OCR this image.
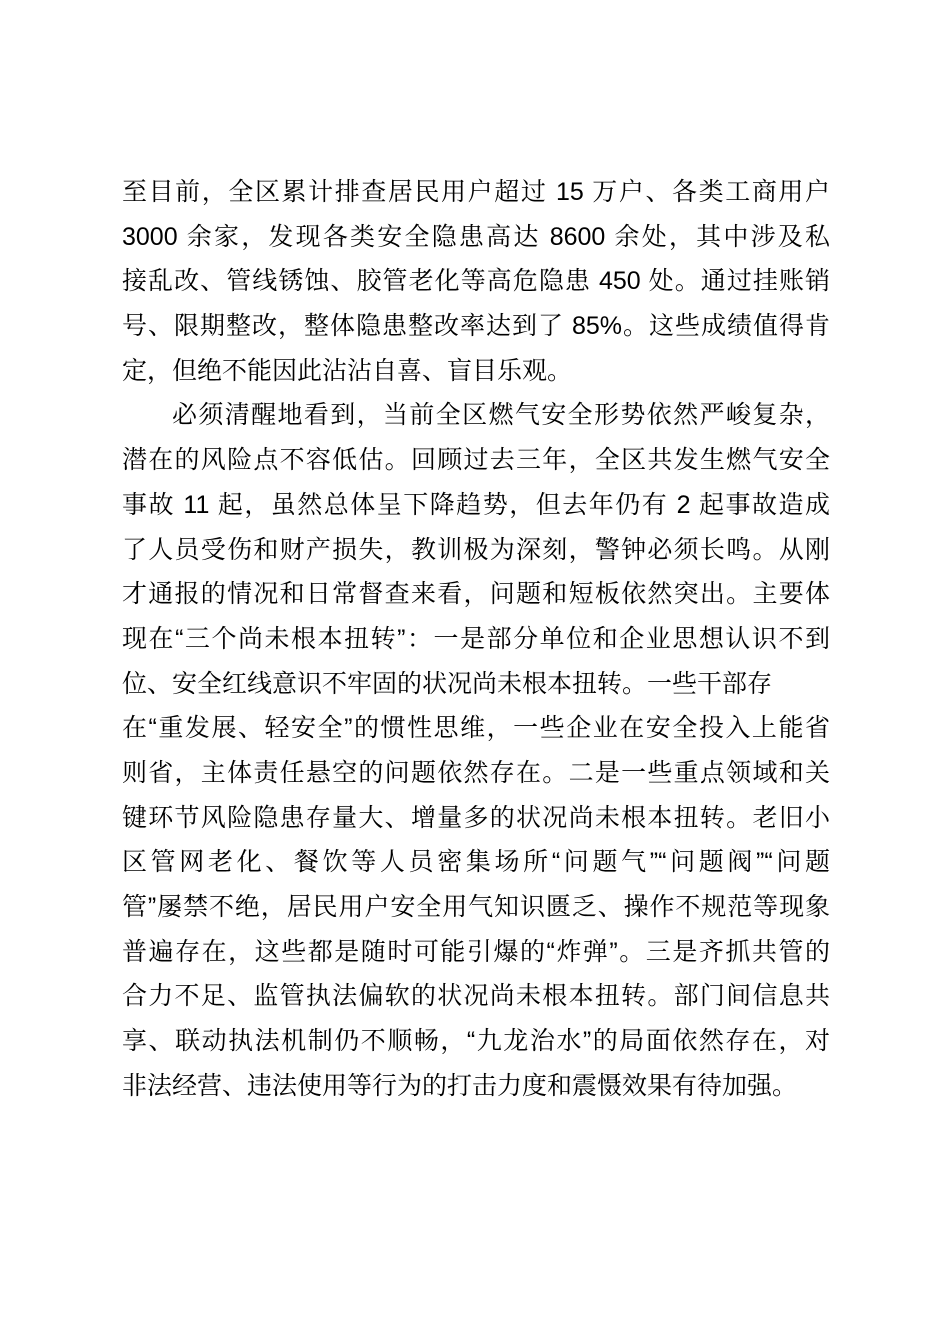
至目前，全区累计排查居民用户超过 15 万户、各类工商用户
3000 余家，发现各类安全隐患高达 8600 余处，其中涉及私
接乱改、管线锈蚀、胶管老化等高危隐患 450 处。通过挂账销
号、限期整改，整体隐患整改率达到了 85%。这些成绩值得肯
定，但绝不能因此沾沾自喜、盲目乐观。
必须清醒地看到，当前全区燃气安全形势依然严峻复杂，
潜在的风险点不容低估。回顾过去三年，全区共发生燃气安全
事故 11 起，虽然总体呈下降趋势，但去年仍有 2 起事故造成
了人员受伤和财产损失，教训极为深刻，警钟必须长鸣。从刚
才通报的情况和日常督查来看，问题和短板依然突出。主要体
现在“三个尚未根本扭转”：一是部分单位和企业思想认识不到
位、安全红线意识不牢固的状况尚未根本扭转。一些干部存
在“重发展、轻安全”的惯性思维，一些企业在安全投入上能省
则省，主体责任悬空的问题依然存在。二是一些重点领域和关
键环节风险隐患存量大、增量多的状况尚未根本扭转。老旧小
区管网老化、餐饮等人员密集场所“问题气”“问题阀”“问题
管”屡禁不绝，居民用户安全用气知识匮乏、操作不规范等现象
普遍存在，这些都是随时可能引爆的“炸弹”。三是齐抓共管的
合力不足、监管执法偏软的状况尚未根本扭转。部门间信息共
享、联动执法机制仍不顺畅，“九龙治水”的局面依然存在，对
非法经营、违法使用等行为的打击力度和震慑效果有待加强。
